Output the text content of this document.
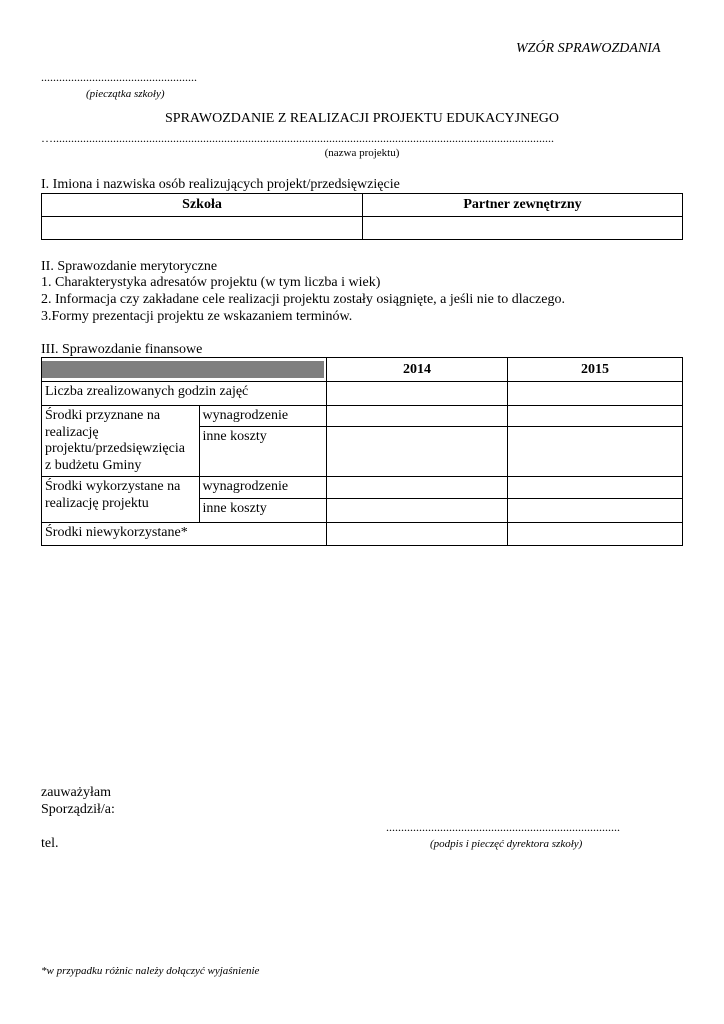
WZÓR SPRAWOZDANIA
....................................................
(pieczątka szkoły)
SPRAWOZDANIE Z REALIZACJI PROJEKTU EDUKACYJNEGO
….......................................................................................................................................................................
(nazwa projektu)
I. Imiona i nazwiska osób realizujących projekt/przedsięwzięcie
Szkoła	Partner zewnętrzny

II. Sprawozdanie merytoryczne
1. Charakterystyka adresatów projektu (w tym liczba i wiek)
2. Informacja czy zakładane cele realizacji projektu zostały osiągnięte, a jeśli nie to dlaczego.
3.Formy prezentacji projektu ze wskazaniem terminów.
III. Sprawozdanie finansowe
		2014	2015

Liczba zrealizowanych godzin zajęć			

Środki przyznane na realizację projektu/przedsięwzięcia z budżetu Gminy	wynagrodzenie		

	inne koszty		

Środki wykorzystane na realizację projektu	wynagrodzenie		

	inne koszty		

Środki niewykorzystane*			

zauważyłam
Sporządził/a:
..............................................................................
tel.	(podpis i pieczęć dyrektora szkoły)
*w przypadku różnic należy dołączyć wyjaśnienie
